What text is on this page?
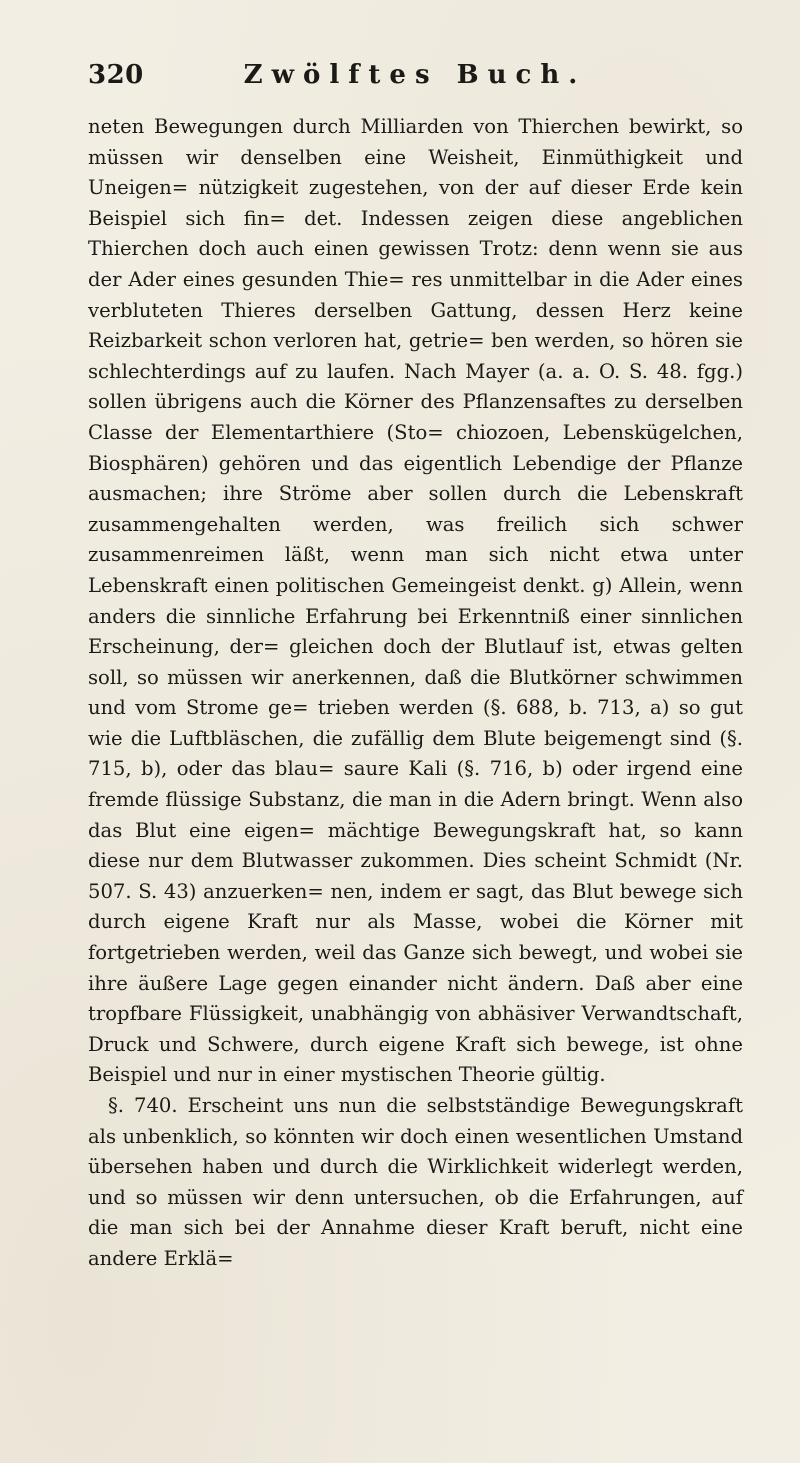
320	Zwölftes Buch.

neten Bewegungen durch Milliarden von Thierchen bewirkt, so müssen wir denselben eine Weisheit, Einmüthigkeit und Uneigen= nützigkeit zugestehen, von der auf dieser Erde kein Beispiel sich fin= det. Indessen zeigen diese angeblichen Thierchen doch auch einen gewissen Trotz: denn wenn sie aus der Ader eines gesunden Thie= res unmittelbar in die Ader eines verbluteten Thieres derselben Gattung, dessen Herz keine Reizbarkeit schon verloren hat, getrie= ben werden, so hören sie schlechterdings auf zu laufen. Nach Mayer (a. a. O. S. 48. fgg.) sollen übrigens auch die Körner des Pflanzensaftes zu derselben Classe der Elementarthiere (Sto= chiozoen, Lebenskügelchen, Biosphären) gehören und das eigentlich Lebendige der Pflanze ausmachen; ihre Ströme aber sollen durch die Lebenskraft zusammengehalten werden, was freilich sich schwer zusammenreimen läßt, wenn man sich nicht etwa unter Lebenskraft einen politischen Gemeingeist denkt. g) Allein, wenn anders die sinnliche Erfahrung bei Erkenntniß einer sinnlichen Erscheinung, der= gleichen doch der Blutlauf ist, etwas gelten soll, so müssen wir anerkennen, daß die Blutkörner schwimmen und vom Strome ge= trieben werden (§. 688, b. 713, a) so gut wie die Luftbläschen, die zufällig dem Blute beigemengt sind (§. 715, b), oder das blau= saure Kali (§. 716, b) oder irgend eine fremde flüssige Substanz, die man in die Adern bringt. Wenn also das Blut eine eigen= mächtige Bewegungskraft hat, so kann diese nur dem Blutwasser zukommen. Dies scheint Schmidt (Nr. 507. S. 43) anzuerken= nen, indem er sagt, das Blut bewege sich durch eigene Kraft nur als Masse, wobei die Körner mit fortgetrieben werden, weil das Ganze sich bewegt, und wobei sie ihre äußere Lage gegen einander nicht ändern. Daß aber eine tropfbare Flüssigkeit, unabhängig von abhäsiver Verwandtschaft, Druck und Schwere, durch eigene Kraft sich bewege, ist ohne Beispiel und nur in einer mystischen Theorie gültig.

§. 740. Erscheint uns nun die selbstständige Bewegungskraft als unbenklich, so könnten wir doch einen wesentlichen Umstand übersehen haben und durch die Wirklichkeit widerlegt werden, und so müssen wir denn untersuchen, ob die Erfahrungen, auf die man sich bei der Annahme dieser Kraft beruft, nicht eine andere Erklä=
